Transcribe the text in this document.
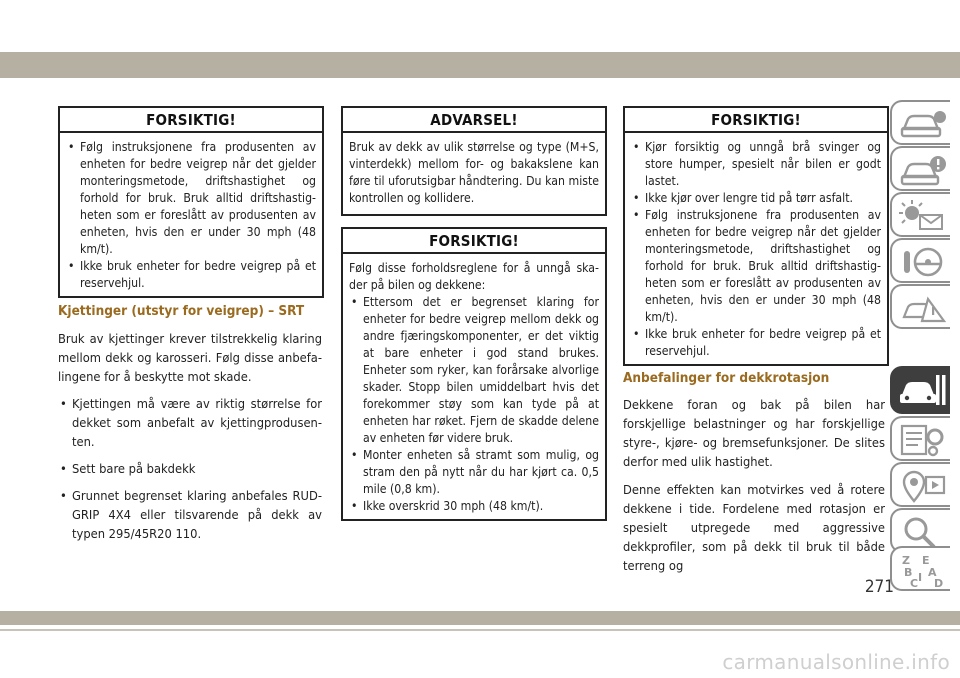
FORSIKTIG!
• Følg instruksjonene fra produsenten av enheten for bedre veigrep når det gjelder monteringsmetode, driftshastighet og forhold for bruk. Bruk alltid driftshastigheten som er foreslått av produsenten av enheten, hvis den er under 30 mph (48 km/t).
• Ikke bruk enheter for bedre veigrep på et reservehjul.
Kjettinger (utstyr for veigrep) – SRT
Bruk av kjettinger krever tilstrekkelig klaring mellom dekk og karosseri. Følg disse anbefalingene for å beskytte mot skade.
• Kjettingen må være av riktig størrelse for dekket som anbefalt av kjettingprodusenten.
• Sett bare på bakdekk
• Grunnet begrenset klaring anbefales RUD-GRIP 4X4 eller tilsvarende på dekk av typen 295/45R20 110.
ADVARSEL!
Bruk av dekk av ulik størrelse og type (M+S, vinterdekk) mellom for- og bakakslene kan føre til uforutsigbar håndtering. Du kan miste kontrollen og kollidere.
FORSIKTIG!
Følg disse forholdsreglene for å unngå skader på bilen og dekkene:
• Ettersom det er begrenset klaring for enheter for bedre veigrep mellom dekk og andre fjæringskomponenter, er det viktig at bare enheter i god stand brukes. Enheter som ryker, kan forårsake alvorlige skader. Stopp bilen umiddelbart hvis det forekommer støy som kan tyde på at enheten har røket. Fjern de skadde delene av enheten før videre bruk.
• Monter enheten så stramt som mulig, og stram den på nytt når du har kjørt ca. 0,5 mile (0,8 km).
• Ikke overskrid 30 mph (48 km/t).
FORSIKTIG!
• Kjør forsiktig og unngå brå svinger og store humper, spesielt når bilen er godt lastet.
• Ikke kjør over lengre tid på tørr asfalt.
• Følg instruksjonene fra produsenten av enheten for bedre veigrep når det gjelder monteringsmetode, driftshastighet og forhold for bruk. Bruk alltid driftshastigheten som er foreslått av produsenten av enheten, hvis den er under 30 mph (48 km/t).
• Ikke bruk enheter for bedre veigrep på et reservehjul.
Anbefalinger for dekkrotasjon
Dekkene foran og bak på bilen har forskjellige belastninger og har forskjellige styre-, kjøre- og bremsefunksjoner. De slites derfor med ulik hastighet.
Denne effekten kan motvirkes ved å rotere dekkene i tide. Fordelene med rotasjon er spesielt utpregede med aggressive dekkprofiler, som på dekk til bruk til både terreng og	Z E
B A
C D
I
271
carmanualsonline.info
